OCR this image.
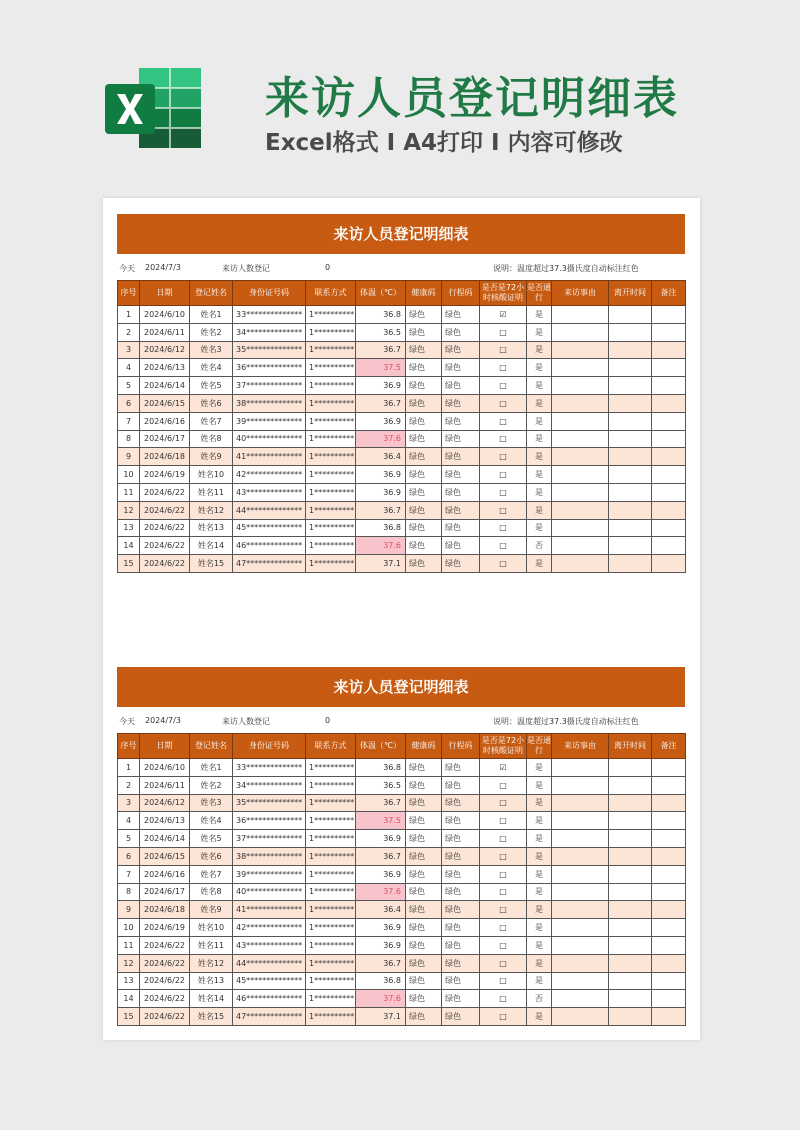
来访人员登记明细表
Excel格式 I A4打印 I 内容可修改
来访人员登记明细表
今天 2024/7/3	来访人数登记	0	说明：温度超过37.3摄氏度自动标注红色
序号	日期	登记姓名	身份证号码	联系方式	体温（℃）	健康码	行程码	是否是72小时核酸证明	是否通行	来访事由	离开时间	备注
1	2024/6/10	姓名1	33**************	1**********	36.8	绿色	绿色	☑	是			
2	2024/6/11	姓名2	34**************	1**********	36.5	绿色	绿色	□	是			
3	2024/6/12	姓名3	35**************	1**********	36.7	绿色	绿色	□	是			
4	2024/6/13	姓名4	36**************	1**********	37.5	绿色	绿色	□	是			
5	2024/6/14	姓名5	37**************	1**********	36.9	绿色	绿色	□	是			
6	2024/6/15	姓名6	38**************	1**********	36.7	绿色	绿色	□	是			
7	2024/6/16	姓名7	39**************	1**********	36.9	绿色	绿色	□	是			
8	2024/6/17	姓名8	40**************	1**********	37.6	绿色	绿色	□	是			
9	2024/6/18	姓名9	41**************	1**********	36.4	绿色	绿色	□	是			
10	2024/6/19	姓名10	42**************	1**********	36.9	绿色	绿色	□	是			
11	2024/6/22	姓名11	43**************	1**********	36.9	绿色	绿色	□	是			
12	2024/6/22	姓名12	44**************	1**********	36.7	绿色	绿色	□	是			
13	2024/6/22	姓名13	45**************	1**********	36.8	绿色	绿色	□	是			
14	2024/6/22	姓名14	46**************	1**********	37.6	绿色	绿色	□	否			
15	2024/6/22	姓名15	47**************	1**********	37.1	绿色	绿色	□	是			
来访人员登记明细表
今天 2024/7/3	来访人数登记	0	说明：温度超过37.3摄氏度自动标注红色
序号	日期	登记姓名	身份证号码	联系方式	体温（℃）	健康码	行程码	是否是72小时核酸证明	是否通行	来访事由	离开时间	备注
1	2024/6/10	姓名1	33**************	1**********	36.8	绿色	绿色	☑	是			
2	2024/6/11	姓名2	34**************	1**********	36.5	绿色	绿色	□	是			
3	2024/6/12	姓名3	35**************	1**********	36.7	绿色	绿色	□	是			
4	2024/6/13	姓名4	36**************	1**********	37.5	绿色	绿色	□	是			
5	2024/6/14	姓名5	37**************	1**********	36.9	绿色	绿色	□	是			
6	2024/6/15	姓名6	38**************	1**********	36.7	绿色	绿色	□	是			
7	2024/6/16	姓名7	39**************	1**********	36.9	绿色	绿色	□	是			
8	2024/6/17	姓名8	40**************	1**********	37.6	绿色	绿色	□	是			
9	2024/6/18	姓名9	41**************	1**********	36.4	绿色	绿色	□	是			
10	2024/6/19	姓名10	42**************	1**********	36.9	绿色	绿色	□	是			
11	2024/6/22	姓名11	43**************	1**********	36.9	绿色	绿色	□	是			
12	2024/6/22	姓名12	44**************	1**********	36.7	绿色	绿色	□	是			
13	2024/6/22	姓名13	45**************	1**********	36.8	绿色	绿色	□	是			
14	2024/6/22	姓名14	46**************	1**********	37.6	绿色	绿色	□	否			
15	2024/6/22	姓名15	47**************	1**********	37.1	绿色	绿色	□	是			
